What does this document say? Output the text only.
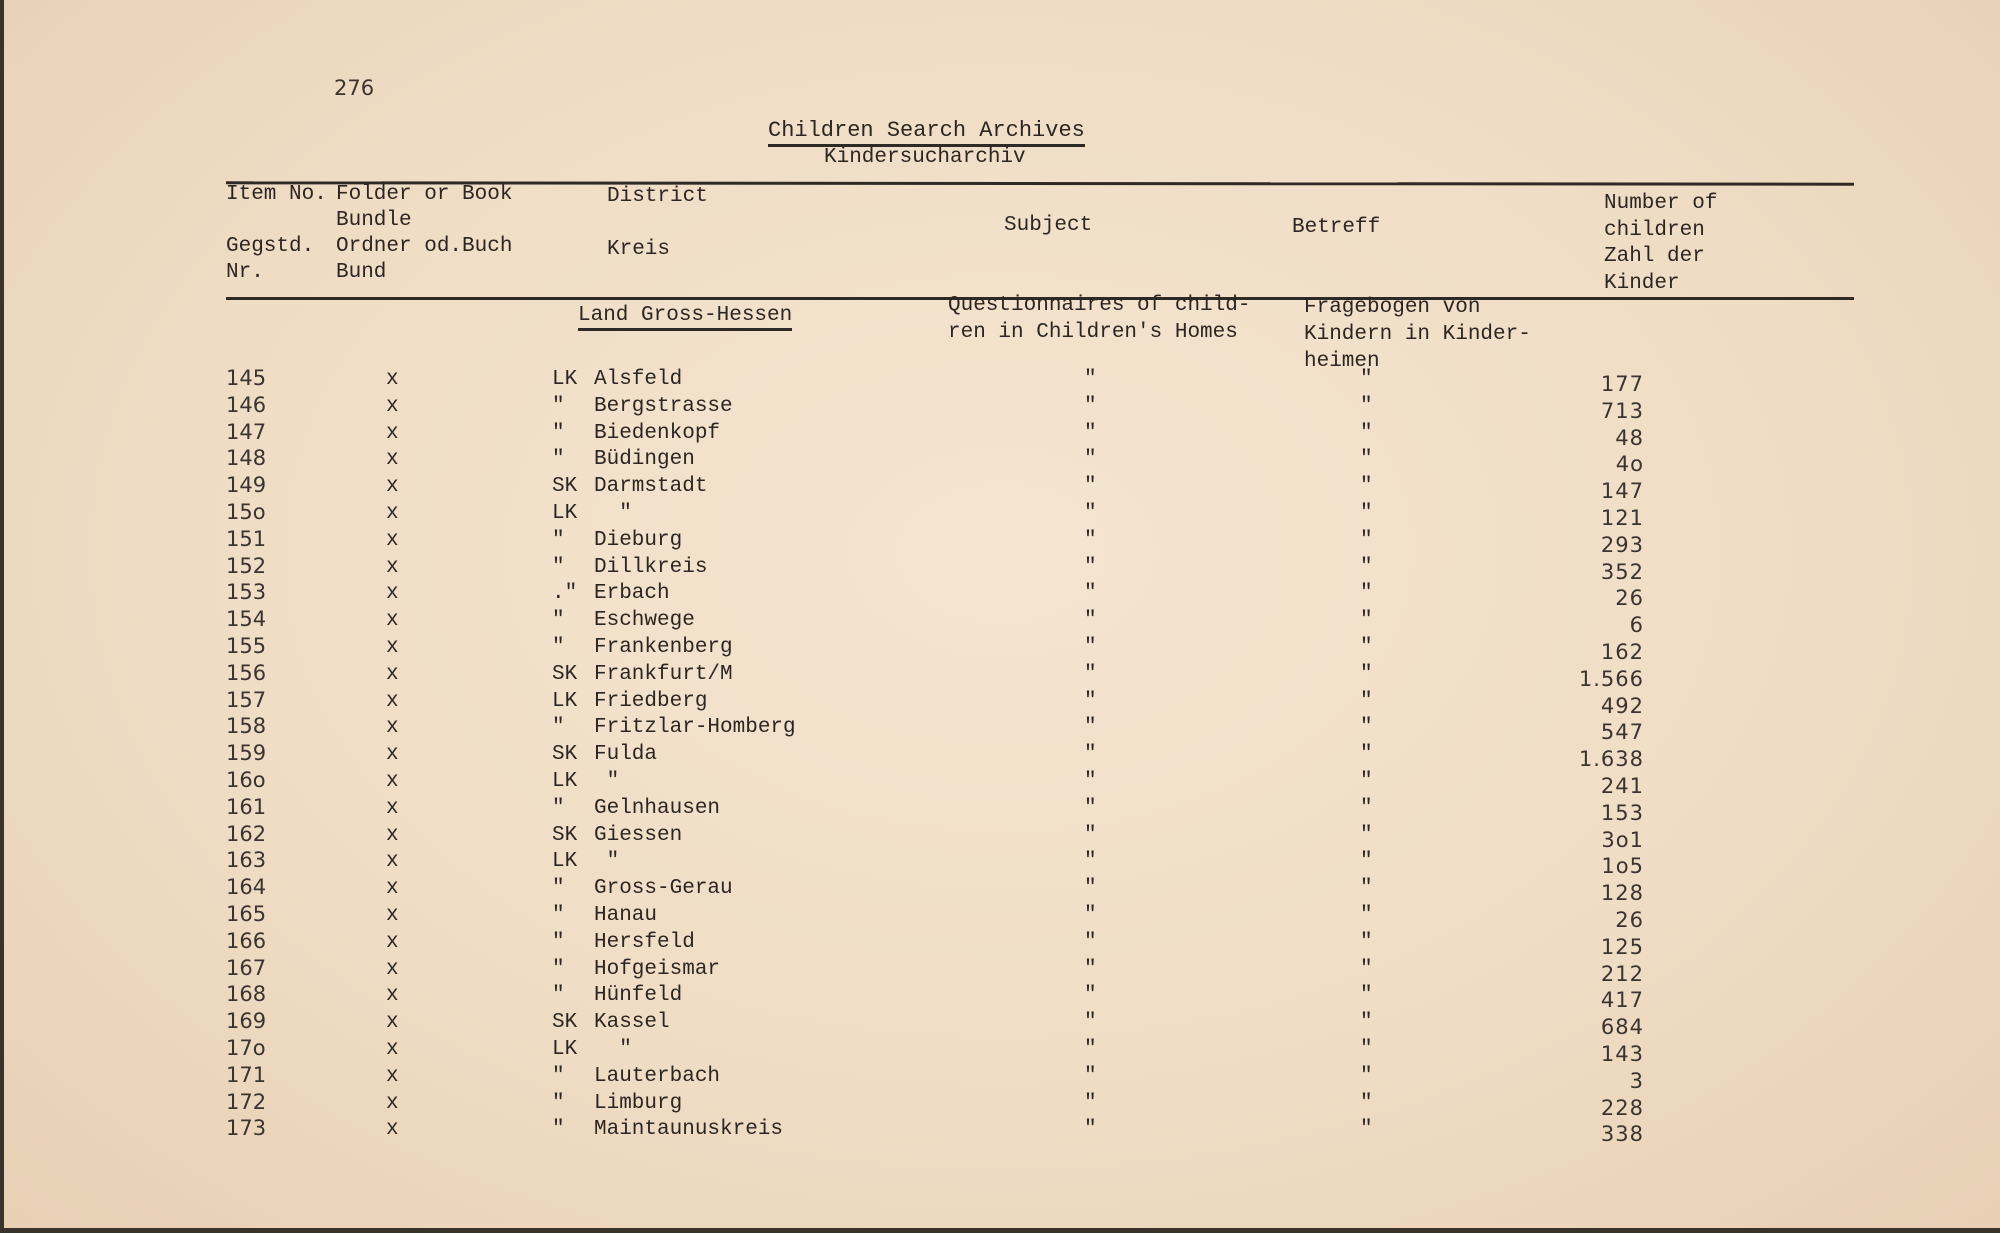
276
Children Search Archives
Kindersucharchiv
Item No.
Gegstd.
Nr.
Folder or Book
Bundle
Ordner od.Buch
Bund
District
Kreis
Subject	Betreff
Number of
children
Zahl der
Kinder
Land Gross-Hessen	Questionnaires of child-
ren in Children's Homes
Fragebogen von
Kindern in Kinder-
heimen
145	x	LK Alsfeld	"	"	177
146	x	" Bergstrasse	"	"	713
147	x	" Biedenkopf	"	"	48
148	x	" Büdingen	"	"	4o
149	x	SK Darmstadt	"	"	147
15o	x	LK "	"	"	121
151	x	" Dieburg	"	"	293
152	x	" Dillkreis	"	"	352
153	x	." Erbach	"	"	26
154	x	" Eschwege	"	"	6
155	x	" Frankenberg	"	"	162
156	x	SK Frankfurt/M	"	"	1.566
157	x	LK Friedberg	"	"	492
158	x	" Fritzlar-Homberg	"	"	547
159	x	SK Fulda	"	"	1.638
16o	x	LK "	"	"	241
161	x	" Gelnhausen	"	"	153
162	x	SK Giessen	"	"	3o1
163	x	LK "	"	"	1o5
164	x	" Gross-Gerau	"	"	128
165	x	" Hanau	"	"	26
166	x	" Hersfeld	"	"	125
167	x	" Hofgeismar	"	"	212
168	x	" Hünfeld	"	"	417
169	x	SK Kassel	"	"	684
17o	x	LK "	"	"	143
171	x	" Lauterbach	"	"	3
172	x	" Limburg	"	"	228
173	x	" Maintaunuskreis	"	"	338
